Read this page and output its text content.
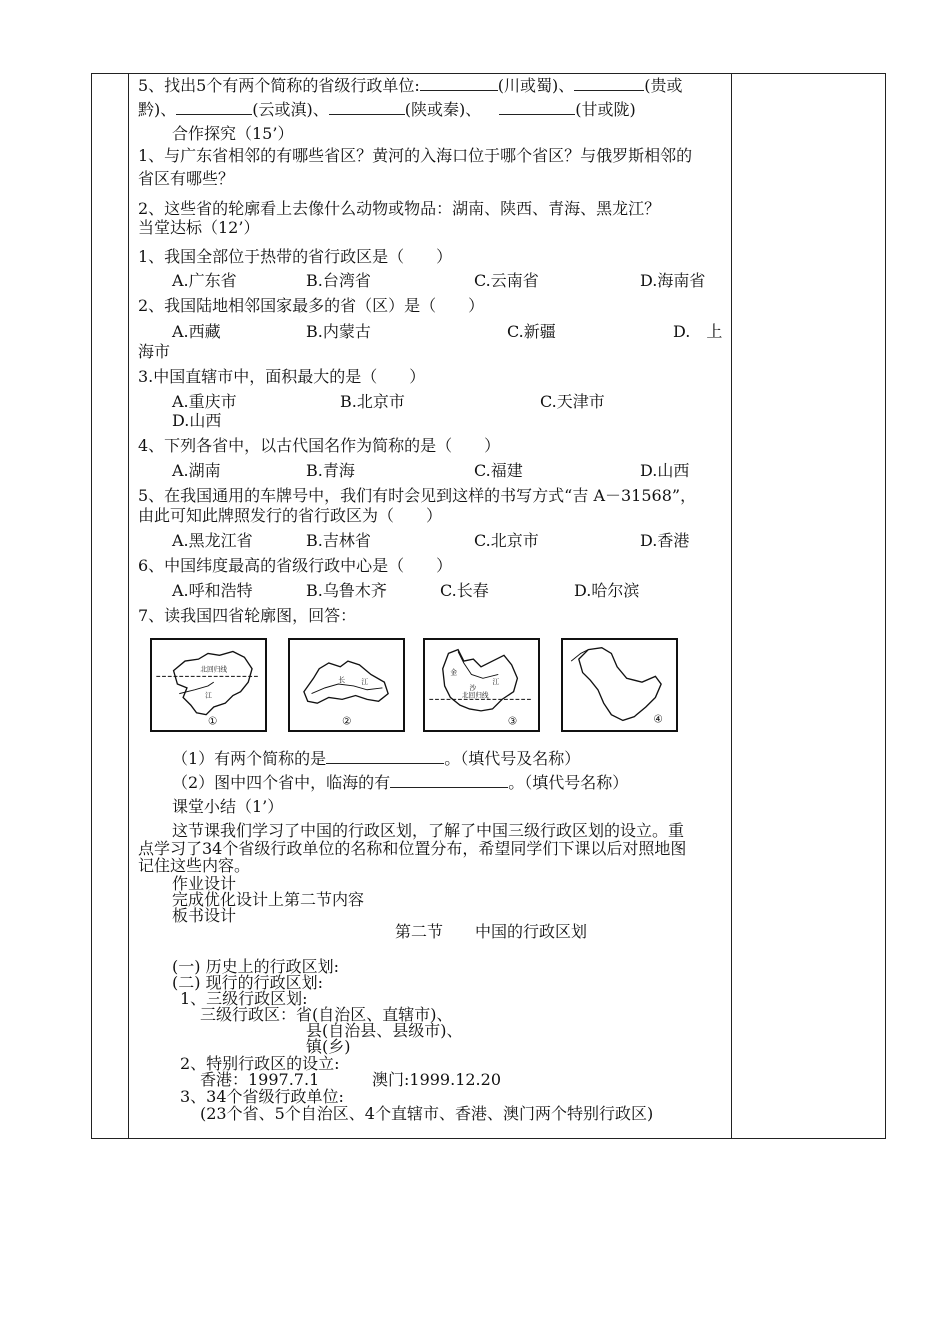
5、找出5个有两个简称的省级行政单位:	(川或蜀)、	(贵或
黔)、	(云或滇)、	(陕或秦)、	(甘或陇)
合作探究（15’）
1、与广东省相邻的有哪些省区？黄河的入海口位于哪个省区？与俄罗斯相邻的
省区有哪些？
2、这些省的轮廓看上去像什么动物或物品：湖南、陕西、青海、黑龙江？
当堂达标（12’）
1、我国全部位于热带的省行政区是（　　）
A.广东省	B.台湾省	C.云南省	D.海南省
2、我国陆地相邻国家最多的省（区）是（　　）
A.西藏	B.内蒙古	C.新疆	D.　上
海市
3.中国直辖市中，面积最大的是（　　）
A.重庆市	B.北京市	C.天津市
D.山西
4、下列各省中，以古代国名作为简称的是（　　）
A.湖南	B.青海	C.福建	D.山西
5、在我国通用的车牌号中，我们有时会见到这样的书写方式“吉 A－31568”，
由此可知此牌照发行的省行政区为（　　）
A.黑龙江省	B.吉林省	C.北京市	D.香港
6、中国纬度最高的省级行政中心是（　　）
A.呼和浩特	B.乌鲁木齐	C.长春	D.哈尔滨
7、读我国四省轮廓图，回答：
北回归线
江
①
长 江
②
金
沙
江
北回归线
③	④
（1）有两个简称的是	。（填代号及名称）
（2）图中四个省中，临海的有	。（填代号名称）
课堂小结（1’）
这节课我们学习了中国的行政区划，了解了中国三级行政区划的设立。重
点学习了34个省级行政单位的名称和位置分布，希望同学们下课以后对照地图
记住这些内容。
作业设计
完成优化设计上第二节内容
板书设计
第二节　　中国的行政区划
(一) 历史上的行政区划:
(二) 现行的行政区划:
1、三级行政区划:
三级行政区：省(自治区、直辖市)、
县(自治县、县级市)、
镇(乡)
2、特别行政区的设立:
香港：1997.7.1	澳门:1999.12.20
3、34个省级行政单位:
(23个省、5个自治区、4个直辖市、香港、澳门两个特别行政区)
